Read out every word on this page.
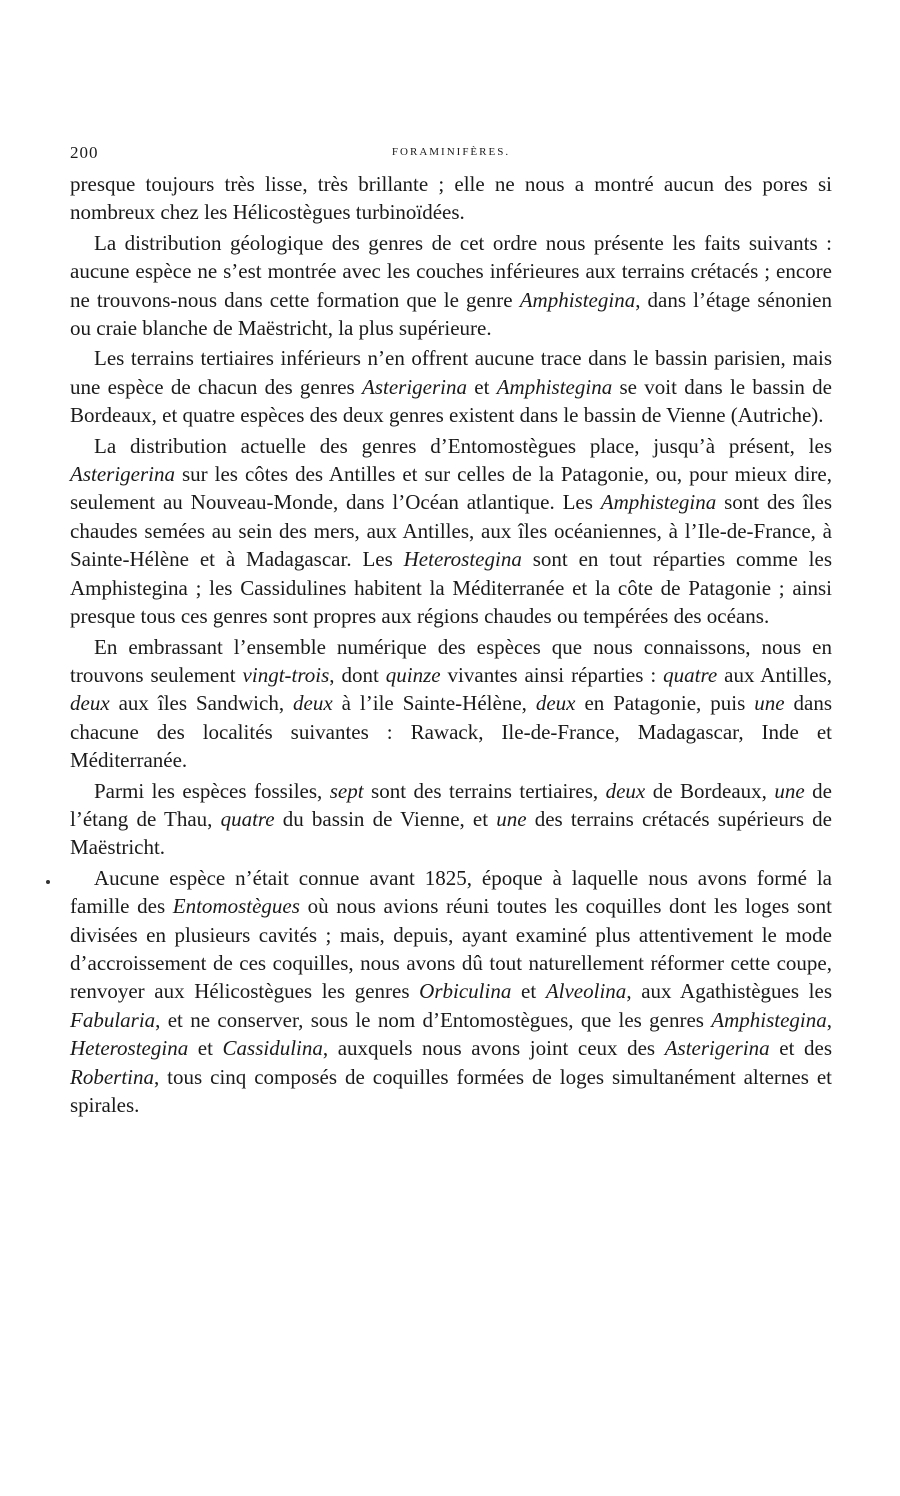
200	FORAMINIFÈRES.

presque toujours très lisse, très brillante ; elle ne nous a montré aucun des pores si nombreux chez les Hélicostègues turbinoïdées.

La distribution géologique des genres de cet ordre nous présente les faits suivants : aucune espèce ne s’est montrée avec les couches inférieures aux terrains crétacés ; encore ne trouvons-nous dans cette formation que le genre Amphistegina, dans l’étage sénonien ou craie blanche de Maëstricht, la plus supérieure.

Les terrains tertiaires inférieurs n’en offrent aucune trace dans le bassin parisien, mais une espèce de chacun des genres Asterigerina et Amphistegina se voit dans le bassin de Bordeaux, et quatre espèces des deux genres existent dans le bassin de Vienne (Autriche).

La distribution actuelle des genres d’Entomostègues place, jusqu’à présent, les Asterigerina sur les côtes des Antilles et sur celles de la Patagonie, ou, pour mieux dire, seulement au Nouveau-Monde, dans l’Océan atlantique. Les Amphistegina sont des îles chaudes semées au sein des mers, aux Antilles, aux îles océaniennes, à l’Ile-de-France, à Sainte-Hélène et à Madagascar. Les Heterostegina sont en tout réparties comme les Amphistegina ; les Cassidulines habitent la Méditerranée et la côte de Patagonie ; ainsi presque tous ces genres sont propres aux régions chaudes ou tempérées des océans.

En embrassant l’ensemble numérique des espèces que nous connaissons, nous en trouvons seulement vingt-trois, dont quinze vivantes ainsi réparties : quatre aux Antilles, deux aux îles Sandwich, deux à l’ile Sainte-Hélène, deux en Patagonie, puis une dans chacune des localités suivantes : Rawack, Ile-de-France, Madagascar, Inde et Méditerranée.

Parmi les espèces fossiles, sept sont des terrains tertiaires, deux de Bordeaux, une de l’étang de Thau, quatre du bassin de Vienne, et une des terrains crétacés supérieurs de Maëstricht.

Aucune espèce n’était connue avant 1825, époque à laquelle nous avons formé la famille des Entomostègues où nous avions réuni toutes les coquilles dont les loges sont divisées en plusieurs cavités ; mais, depuis, ayant examiné plus attentivement le mode d’accroissement de ces coquilles, nous avons dû tout naturellement réformer cette coupe, renvoyer aux Hélicostègues les genres Orbiculina et Alveolina, aux Agathistègues les Fabularia, et ne conserver, sous le nom d’Entomostègues, que les genres Amphistegina, Heterostegina et Cassidulina, auxquels nous avons joint ceux des Asterigerina et des Robertina, tous cinq composés de coquilles formées de loges simultanément alternes et spirales.
